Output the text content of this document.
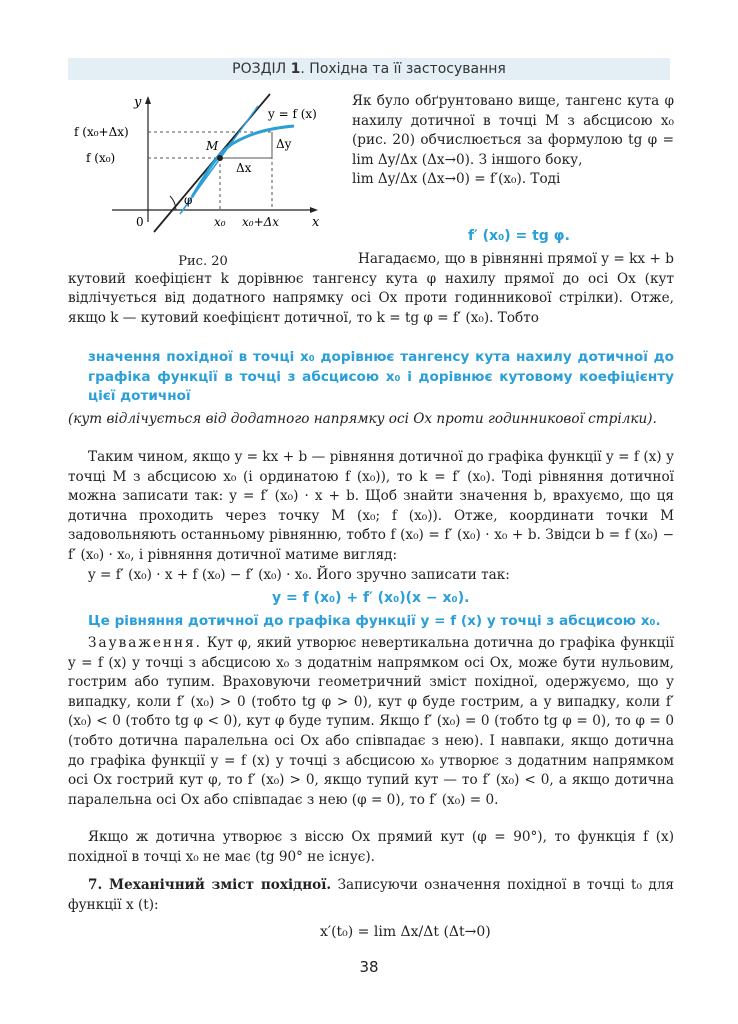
РОЗДІЛ 1. Похідна та її застосування
y
x
0
f (x₀+Δx)
f (x₀)
y = f (x)
M
φ
Δy
Δx
x₀ x₀+Δx
Рис. 20
Як було обґрунтовано вище, тангенс кута φ нахилу дотичної в точці M з абсцисою x₀ (рис. 20) обчислюється за формулою tg φ = lim Δy/Δx (Δx→0). З іншого боку,
lim Δy/Δx (Δx→0) = f′(x₀). Тоді
f′ (x₀) = tg φ.
Нагадаємо, що в рівнянні прямої y = kx + b кутовий коефіцієнт k дорівнює тангенсу кута φ нахилу прямої до осі Ox (кут відлічується від додатного напрямку осі Ox проти годинникової стрілки). Отже, якщо k — кутовий коефіцієнт дотичної, то k = tg φ = f′ (x₀). Тобто
значення похідної в точці x₀ дорівнює тангенсу кута нахилу дотичної до графіка функції в точці з абсцисою x₀ і дорівнює кутовому коефіцієнту цієї дотичної
(кут відлічується від додатного напрямку осі Ox проти годинникової стрілки).
Таким чином, якщо y = kx + b — рівняння дотичної до графіка функції y = f (x) у точці M з абсцисою x₀ (і ординатою f (x₀)), то k = f′ (x₀). Тоді рівняння дотичної можна записати так: y = f′ (x₀) · x + b. Щоб знайти значення b, врахуємо, що ця дотична проходить через точку M (x₀; f (x₀)). Отже, координати точки M задовольняють останньому рівнянню, тобто f (x₀) = f′ (x₀) · x₀ + b. Звідси b = f (x₀) − f′ (x₀) · x₀, і рівняння дотичної матиме вигляд:
y = f′ (x₀) · x + f (x₀) − f′ (x₀) · x₀. Його зручно записати так:
y = f (x₀) + f′ (x₀)(x − x₀).
Це рівняння дотичної до графіка функції y = f (x) у точці з абсцисою x₀.
Зауваження. Кут φ, який утворює невертикальна дотична до графіка функції y = f (x) у точці з абсцисою x₀ з додатнім напрямком осі Ox, може бути нульовим, гострим або тупим. Враховуючи геометричний зміст похідної, одержуємо, що у випадку, коли f′ (x₀) > 0 (тобто tg φ > 0), кут φ буде гострим, а у випадку, коли f′ (x₀) < 0 (тобто tg φ < 0), кут φ буде тупим. Якщо f′ (x₀) = 0 (тобто tg φ = 0), то φ = 0 (тобто дотична паралельна осі Ox або співпадає з нею). І навпаки, якщо дотична до графіка функції y = f (x) у точці з абсцисою x₀ утворює з додатним напрямком осі Ox гострий кут φ, то f′ (x₀) > 0, якщо тупий кут — то f′ (x₀) < 0, а якщо дотична паралельна осі Ox або співпадає з нею (φ = 0), то f′ (x₀) = 0.
Якщо ж дотична утворює з віссю Ox прямий кут (φ = 90°), то функція f (x) похідної в точці x₀ не має (tg 90° не існує).
7. Механічний зміст похідної. Записуючи означення похідної в точці t₀ для функції x (t):
x′(t₀) = lim Δx/Δt (Δt→0)
38
